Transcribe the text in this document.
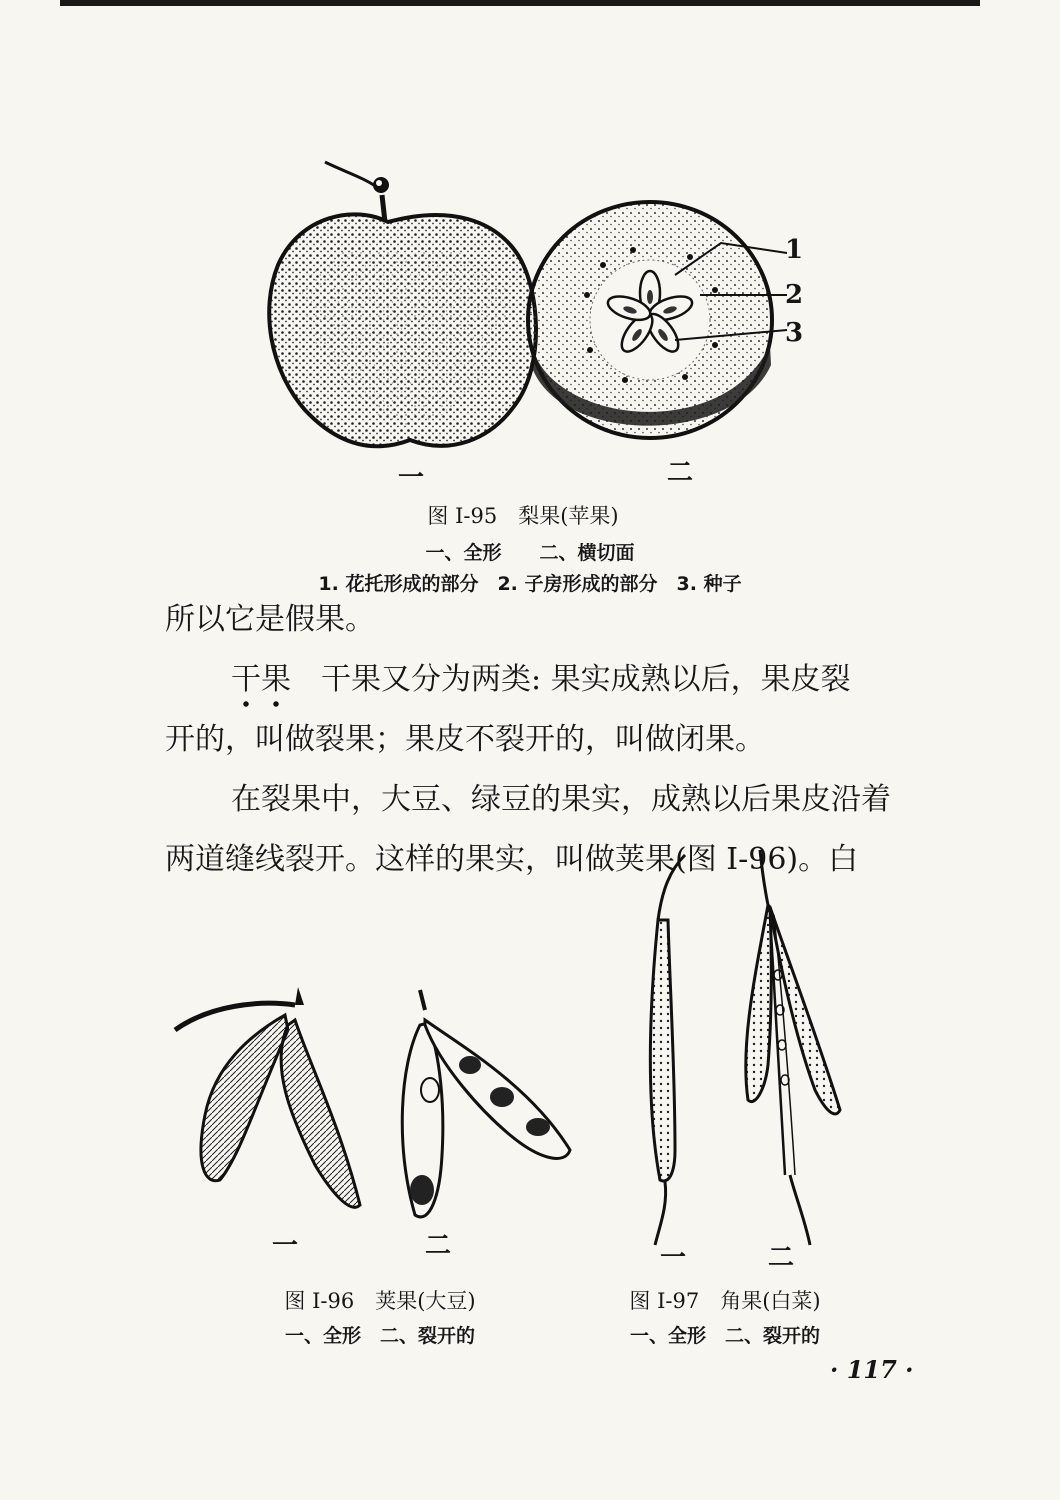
1
2
3
一	二
图 I-95　梨果(苹果)
一、全形　　二、横切面
1. 花托形成的部分　2. 子房形成的部分　3. 种子
所以它是假果。
干果　干果又分为两类: 果实成熟以后，果皮裂
开的，叫做裂果；果皮不裂开的，叫做闭果。
在裂果中，大豆、绿豆的果实，成熟以后果皮沿着
两道缝线裂开。这样的果实，叫做荚果(图 I-96)。白
一	二
图 I-96　荚果(大豆)
一、全形　二、裂开的
一	二
图 I-97　角果(白菜)
一、全形　二、裂开的
· 117 ·
